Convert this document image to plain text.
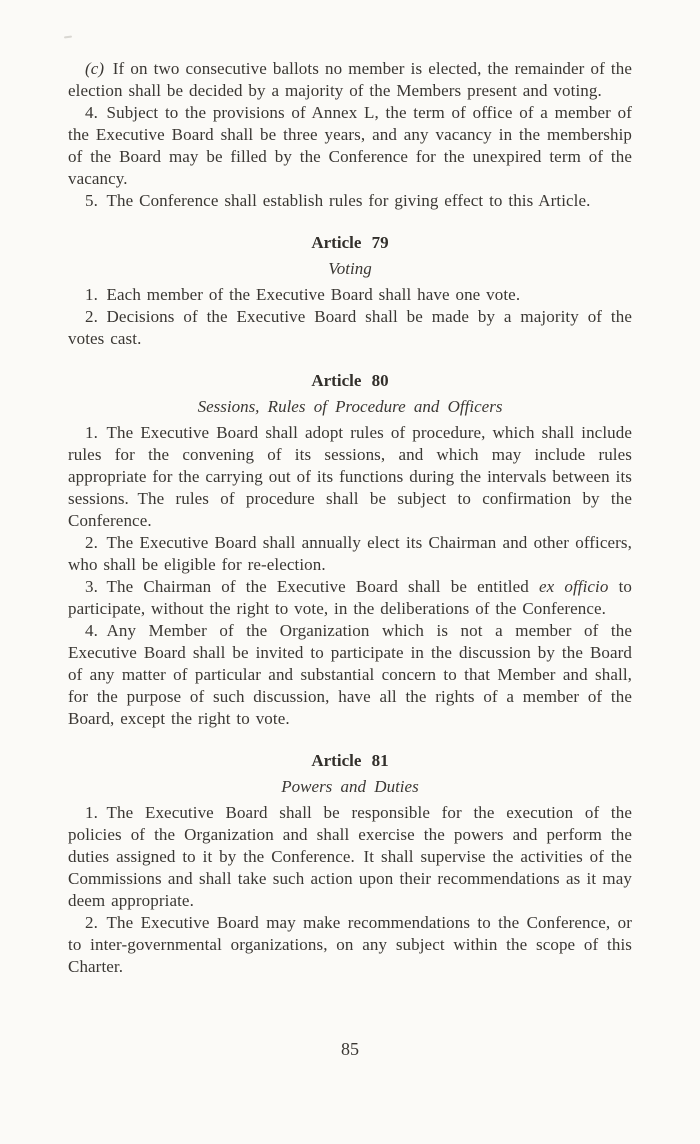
(c) If on two consecutive ballots no member is elected, the remainder of the election shall be decided by a majority of the Members present and voting.

4. Subject to the provisions of Annex L, the term of office of a member of the Executive Board shall be three years, and any vacancy in the membership of the Board may be filled by the Conference for the unexpired term of the vacancy.

5. The Conference shall establish rules for giving effect to this Article.

Article 79
Voting

1. Each member of the Executive Board shall have one vote.

2. Decisions of the Executive Board shall be made by a majority of the votes cast.

Article 80
Sessions, Rules of Procedure and Officers

1. The Executive Board shall adopt rules of procedure, which shall include rules for the convening of its sessions, and which may include rules appropriate for the carrying out of its functions during the intervals between its sessions. The rules of procedure shall be subject to confirmation by the Conference.

2. The Executive Board shall annually elect its Chairman and other officers, who shall be eligible for re-election.

3. The Chairman of the Executive Board shall be entitled ex officio to participate, without the right to vote, in the deliberations of the Conference.

4. Any Member of the Organization which is not a member of the Executive Board shall be invited to participate in the discussion by the Board of any matter of particular and substantial concern to that Member and shall, for the purpose of such discussion, have all the rights of a member of the Board, except the right to vote.

Article 81
Powers and Duties

1. The Executive Board shall be responsible for the execution of the policies of the Organization and shall exercise the powers and perform the duties assigned to it by the Conference. It shall supervise the activities of the Commissions and shall take such action upon their recommendations as it may deem appropriate.

2. The Executive Board may make recommendations to the Conference, or to inter-governmental organizations, on any subject within the scope of this Charter.

85
